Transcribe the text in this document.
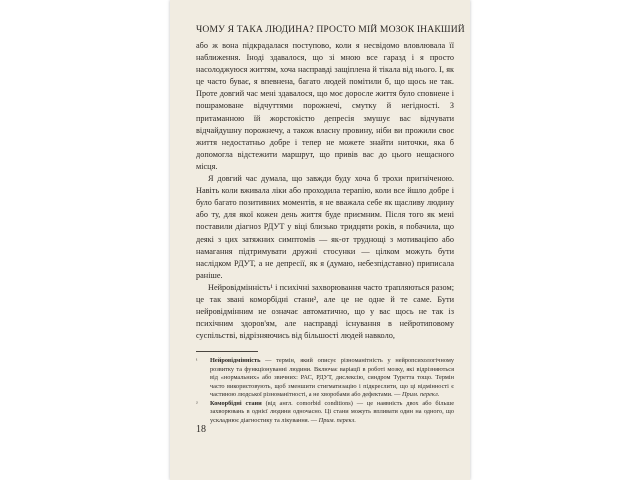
ЧОМУ Я ТАКА ЛЮДИНА? ПРОСТО МІЙ МОЗОК ІНАКШИЙ

або ж вона підкрадалася поступово, коли я несвідомо вловлювала її наближення. Іноді здавалося, що зі мною все гаразд і я просто насолоджуюся життям, хоча насправді защіплена й тікала від нього. І, як це часто буває, я впевнена, багато людей помітили б, що щось не так. Проте довгий час мені здавалося, що моє доросле життя було сповнене і пошрамоване відчуттями порожнечі, смутку й негідності. З притаманною їй жорстокістю депресія змушує вас відчувати відчайдушну порожнечу, а також власну провину, ніби ви прожили своє життя недостатньо добре і тепер не можете знайти ниточки, яка б допомогла відстежити маршрут, що привів вас до цього нещасного місця.

Я довгий час думала, що завжди буду хоча б трохи пригніченою. Навіть коли вживала ліки або проходила терапію, коли все йшло добре і було багато позитивних моментів, я не вважала себе як щасливу людину або ту, для якої кожен день життя буде приємним. Після того як мені поставили діагноз РДУТ у віці близько тридцяти років, я побачила, що деякі з цих затяжних симптомів — як-от труднощі з мотивацією або намагання підтримувати дружні стосунки — цілком можуть бути наслідком РДУТ, а не депресії, як я (думаю, небезпідставно) приписала раніше.

Нейровідмінність¹ і психічні захворювання часто трапляються разом; це так звані коморбідні стани², але це не одне й те саме. Бути нейровідмінним не означає автоматично, що у вас щось не так із психічним здоров'ям, але насправді існування в нейротиповому суспільстві, відрізняючись від більшості людей навколо,

¹ Нейровідмінність — термін, який описує різноманітність у нейропсихологічному розвитку та функціонуванні людини. Включає варіації в роботі мозку, які відрізняються від «нормальних» або звичних: РАС, РДУТ, дислексію, синдром Туретта тощо. Термін часто використовують, щоб зменшити стигматизацію і підкреслити, що ці відмінності є частиною людської різноманітності, а не хворобами або дефектами. — Прим. перекл.

² Коморбідні стани (від англ. comorbid conditions) — це наявність двох або більше захворювань в однієї людини одночасно. Ці стани можуть впливати один на одного, що ускладнює діагностику та лікування. — Прим. перекл.

18
